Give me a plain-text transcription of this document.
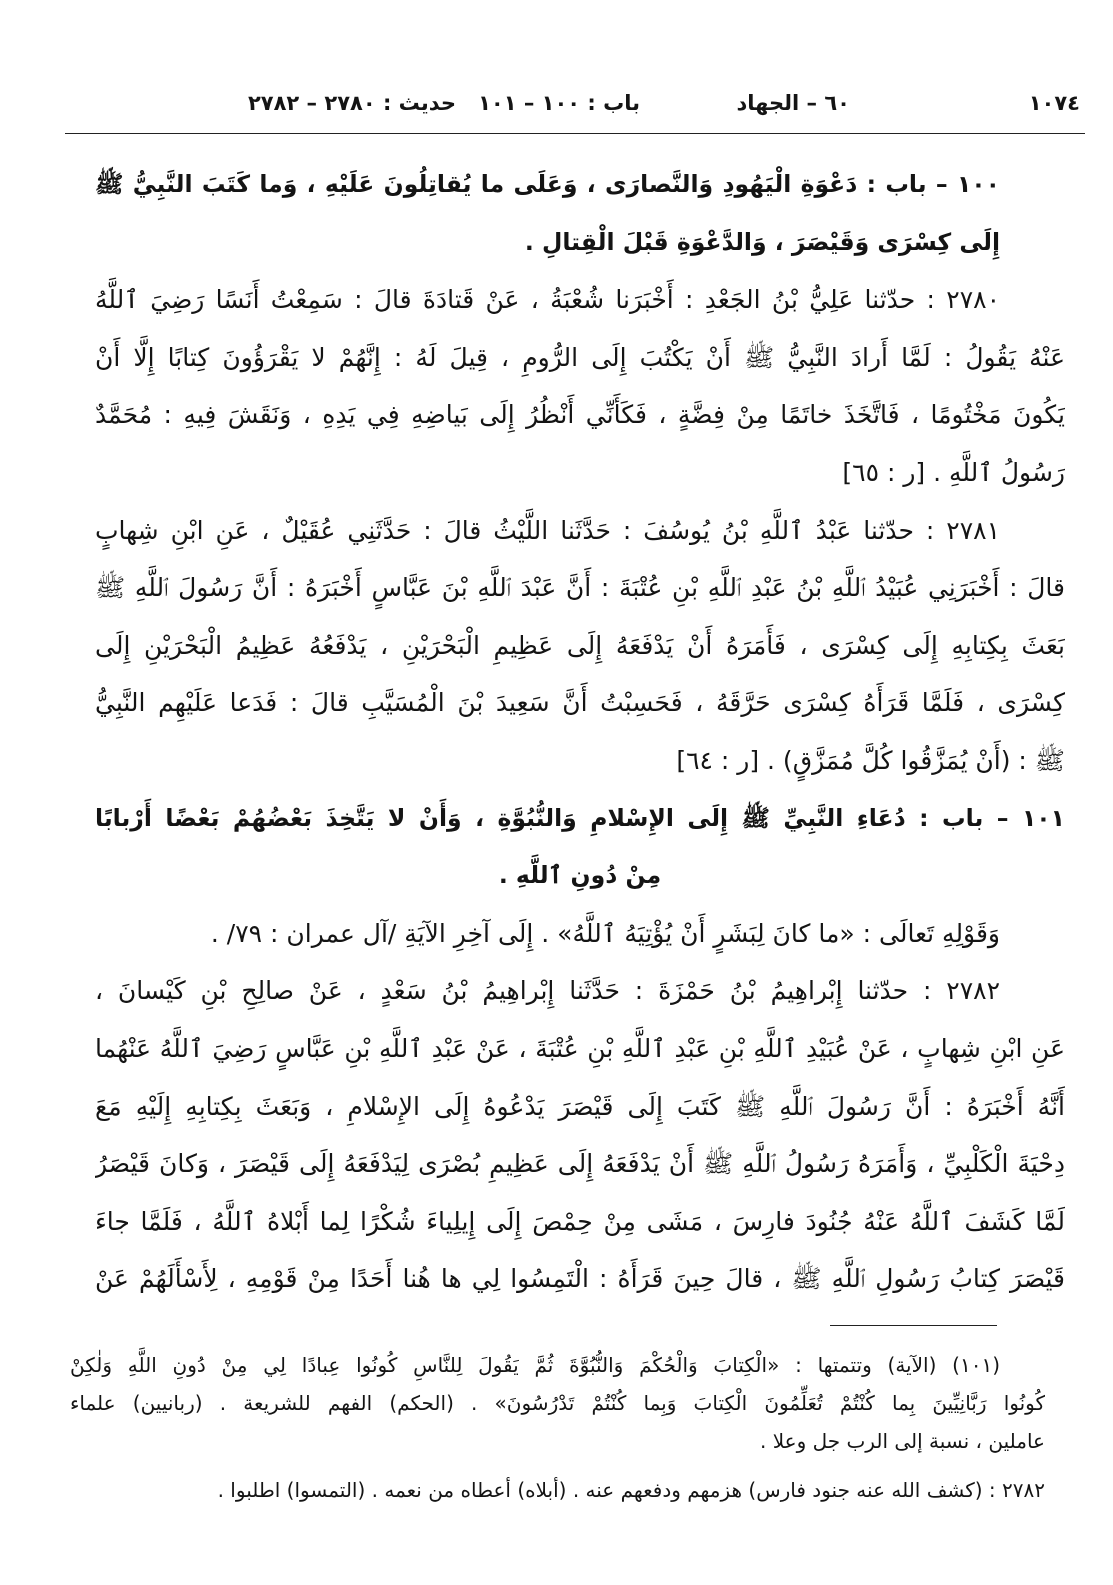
١٠٧٤
٦٠ – الجهاد
باب : ١٠٠ – ١٠١
حديث : ٢٧٨٠ – ٢٧٨٢
١٠٠ – باب : دَعْوَةِ الْيَهُودِ وَالنَّصارَى ، وَعَلَى ما يُقاتِلُونَ عَلَيْهِ ، وَما كَتَبَ النَّبِيُّ ﷺ
إِلَى كِسْرَى وَقَيْصَرَ ، وَالدَّعْوَةِ قَبْلَ الْقِتالِ .
٢٧٨٠ : حدّثنا عَلِيُّ بْنُ الجَعْدِ : أَخْبَرَنا شُعْبَةُ ، عَنْ قَتادَةَ قالَ : سَمِعْتُ أَنَسًا رَضِيَ ٱللَّهُ
عَنْهُ يَقُولُ : لَمَّا أَرادَ النَّبِيُّ ﷺ أَنْ يَكْتُبَ إِلَى الرُّومِ ، قِيلَ لَهُ : إِنَّهُمْ لا يَقْرَؤُونَ كِتابًا إِلَّا أَنْ
يَكُونَ مَخْتُومًا ، فَاتَّخَذَ خاتَمًا مِنْ فِضَّةٍ ، فَكَأَنِّي أَنْظُرُ إِلَى بَياضِهِ فِي يَدِهِ ، وَنَقَشَ فِيهِ : مُحَمَّدٌ
رَسُولُ ٱللَّهِ . [ر : ٦٥]
٢٧٨١ : حدّثنا عَبْدُ ٱللَّهِ بْنُ يُوسُفَ : حَدَّثَنا اللَّيْثُ قالَ : حَدَّثَنِي عُقَيْلٌ ، عَنِ ابْنِ شِهابٍ
قالَ : أَخْبَرَنِي عُبَيْدُ ٱللَّهِ بْنُ عَبْدِ ٱللَّهِ بْنِ عُتْبَةَ : أَنَّ عَبْدَ ٱللَّهِ بْنَ عَبَّاسٍ أَخْبَرَهُ : أَنَّ رَسُولَ ٱللَّهِ ﷺ
بَعَثَ بِكِتابِهِ إِلَى كِسْرَى ، فَأَمَرَهُ أَنْ يَدْفَعَهُ إِلَى عَظِيمِ الْبَحْرَيْنِ ، يَدْفَعُهُ عَظِيمُ الْبَحْرَيْنِ إِلَى
كِسْرَى ، فَلَمَّا قَرَأَهُ كِسْرَى حَرَّقَهُ ، فَحَسِبْتُ أَنَّ سَعِيدَ بْنَ الْمُسَيَّبِ قالَ : فَدَعا عَلَيْهِم النَّبِيُّ
ﷺ : (أَنْ يُمَزَّقُوا كُلَّ مُمَزَّقٍ) . [ر : ٦٤]
١٠١ – باب : دُعَاءِ النَّبِيِّ ﷺ إِلَى الإِسْلامِ وَالنُّبُوَّةِ ، وَأَنْ لا يَتَّخِذَ بَعْضُهُمْ بَعْضًا أَرْبابًا
مِنْ دُونِ ٱللَّهِ .
وَقَوْلِهِ تَعالَى : «ما كانَ لِبَشَرٍ أَنْ يُؤْتِيَهُ ٱللَّهُ» . إِلَى آخِرِ الآيَةِ /آل عمران : ٧٩/ .
٢٧٨٢ : حدّثنا إِبْراهِيمُ بْنُ حَمْزَةَ : حَدَّثَنا إِبْراهِيمُ بْنُ سَعْدٍ ، عَنْ صالِحِ بْنِ كَيْسانَ ،
عَنِ ابْنِ شِهابٍ ، عَنْ عُبَيْدِ ٱللَّهِ بْنِ عَبْدِ ٱللَّهِ بْنِ عُتْبَةَ ، عَنْ عَبْدِ ٱللَّهِ بْنِ عَبَّاسٍ رَضِيَ ٱللَّهُ عَنْهُما
أَنَّهُ أَخْبَرَهُ : أَنَّ رَسُولَ ٱللَّهِ ﷺ كَتَبَ إِلَى قَيْصَرَ يَدْعُوهُ إِلَى الإِسْلامِ ، وَبَعَثَ بِكِتابِهِ إِلَيْهِ مَعَ
دِحْيَةَ الْكَلْبِيِّ ، وَأَمَرَهُ رَسُولُ ٱللَّهِ ﷺ أَنْ يَدْفَعَهُ إِلَى عَظِيمِ بُصْرَى لِيَدْفَعَهُ إِلَى قَيْصَرَ ، وَكانَ قَيْصَرُ
لَمَّا كَشَفَ ٱللَّهُ عَنْهُ جُنُودَ فارِسَ ، مَشَى مِنْ حِمْصَ إِلَى إِيلِياءَ شُكْرًا لِما أَبْلاهُ ٱللَّهُ ، فَلَمَّا جاءَ
قَيْصَرَ كِتابُ رَسُولِ ٱللَّهِ ﷺ ، قالَ حِينَ قَرَأَهُ : الْتَمِسُوا لِي ها هُنا أَحَدًا مِنْ قَوْمِهِ ، لِأَسْأَلَهُمْ عَنْ
(١٠١) (الآية) وتتمتها : «الْكِتابَ وَالْحُكْمَ وَالنُّبُوَّةَ ثُمَّ يَقُولَ لِلنَّاسِ كُونُوا عِبادًا لِي مِنْ دُونِ اللَّهِ وَلٰكِنْ
كُونُوا رَبَّانِيِّينَ بِما كُنْتُمْ تُعَلِّمُونَ الْكِتابَ وَبِما كُنْتُمْ تَدْرُسُونَ» . (الحكم) الفهم للشريعة . (ربانيين) علماء
عاملين ، نسبة إلى الرب جل وعلا .
٢٧٨٢ : (كشف الله عنه جنود فارس) هزمهم ودفعهم عنه . (أبلاه) أعطاه من نعمه . (التمسوا) اطلبوا .
